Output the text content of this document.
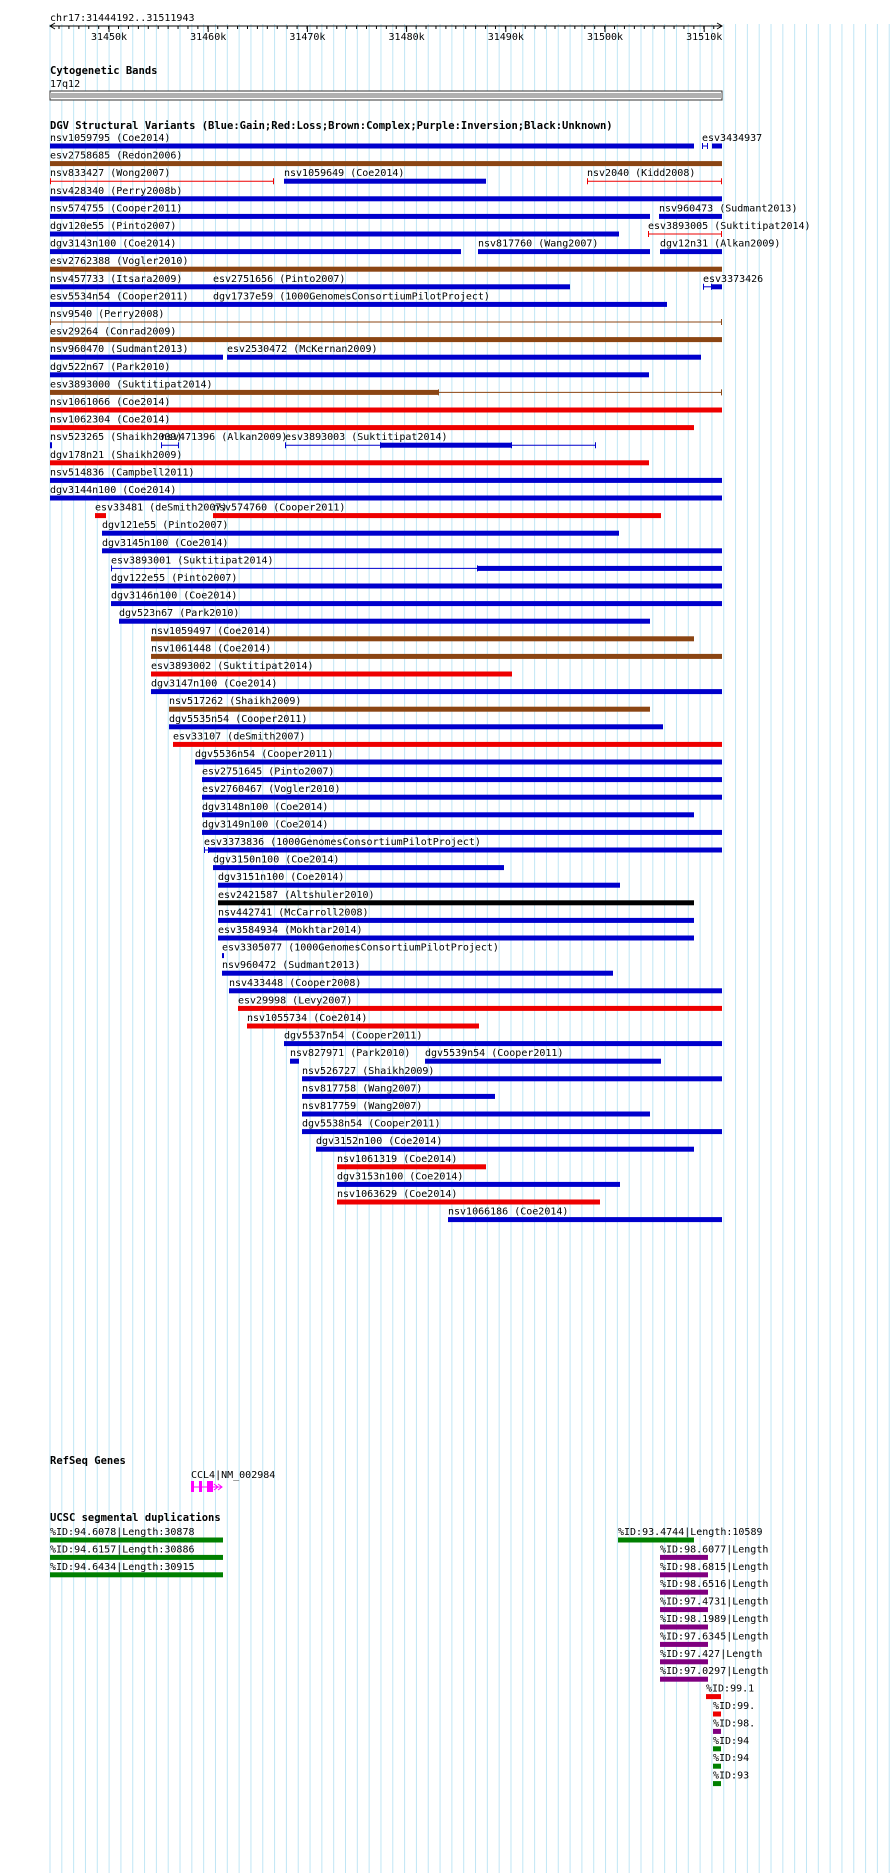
chr17:31444192..31511943
31450k	31460k	31470k	31480k	31490k	31500k	31510k
Cytogenetic Bands
17q12
DGV Structural Variants (Blue:Gain;Red:Loss;Brown:Complex;Purple:Inversion;Black:Unknown)
nsv1059795 (Coe2014)	esv3434937
esv2758685 (Redon2006)
nsv833427 (Wong2007)	nsv1059649 (Coe2014)	nsv2040 (Kidd2008)
nsv428340 (Perry2008b)
nsv574755 (Cooper2011)	nsv960473 (Sudmant2013)
dgv120e55 (Pinto2007)	esv3893005 (Suktitipat2014)
dgv3143n100 (Coe2014)	nsv817760 (Wang2007)	dgv12n31 (Alkan2009)
esv2762388 (Vogler2010)
nsv457733 (Itsara2009)	esv2751656 (Pinto2007)	esv3373426
esv5534n54 (Cooper2011) dgv1737e59 (1000GenomesConsortiumPilotProject)
nsv9540 (Perry2008)
esv29264 (Conrad2009)
nsv960470 (Sudmant2013)	esv2530472 (McKernan2009)
dgv522n67 (Park2010)
esv3893000 (Suktitipat2014)
nsv1061066 (Coe2014)
nsv1062304 (Coe2014)
nsv523265 (Shaikh2009)
nsv471396 (Alkan2009)
esv3893003 (Suktitipat2014)
dgv178n21 (Shaikh2009)
nsv514836 (Campbell2011)
dgv3144n100 (Coe2014)
esv33481 (deSmith2007)
nsv574760 (Cooper2011)
dgv121e55 (Pinto2007)
dgv3145n100 (Coe2014)
esv3893001 (Suktitipat2014)
dgv122e55 (Pinto2007)
dgv3146n100 (Coe2014)
dgv523n67 (Park2010)
nsv1059497 (Coe2014)
nsv1061448 (Coe2014)
esv3893002 (Suktitipat2014)
dgv3147n100 (Coe2014)
nsv517262 (Shaikh2009)
dgv5535n54 (Cooper2011)
esv33107 (deSmith2007)
dgv5536n54 (Cooper2011)
esv2751645 (Pinto2007)
esv2760467 (Vogler2010)
dgv3148n100 (Coe2014)
dgv3149n100 (Coe2014)
esv3373836 (1000GenomesConsortiumPilotProject)
dgv3150n100 (Coe2014)
dgv3151n100 (Coe2014)
esv2421587 (Altshuler2010)
nsv442741 (McCarroll2008)
esv3584934 (Mokhtar2014)
esv3305077 (1000GenomesConsortiumPilotProject)
nsv960472 (Sudmant2013)
nsv433448 (Cooper2008)
esv29998 (Levy2007)
nsv1055734 (Coe2014)
dgv5537n54 (Cooper2011)
nsv827971 (Park2010) dgv5539n54 (Cooper2011)
nsv526727 (Shaikh2009)
nsv817758 (Wang2007)
nsv817759 (Wang2007)
dgv5538n54 (Cooper2011)
dgv3152n100 (Coe2014)
nsv1061319 (Coe2014)
dgv3153n100 (Coe2014)
nsv1063629 (Coe2014)
nsv1066186 (Coe2014)
RefSeq Genes
CCL4|NM_002984
UCSC segmental duplications
%ID:94.6078|Length:30878	%ID:93.4744|Length:10589
%ID:94.6157|Length:30886	%ID:98.6077|Length
%ID:94.6434|Length:30915	%ID:98.6815|Length
%ID:98.6516|Length
%ID:97.4731|Length
%ID:98.1989|Length
%ID:97.6345|Length
%ID:97.427|Length
%ID:97.0297|Length
%ID:99.1
%ID:99.
%ID:98.
%ID:94
%ID:94
%ID:93
